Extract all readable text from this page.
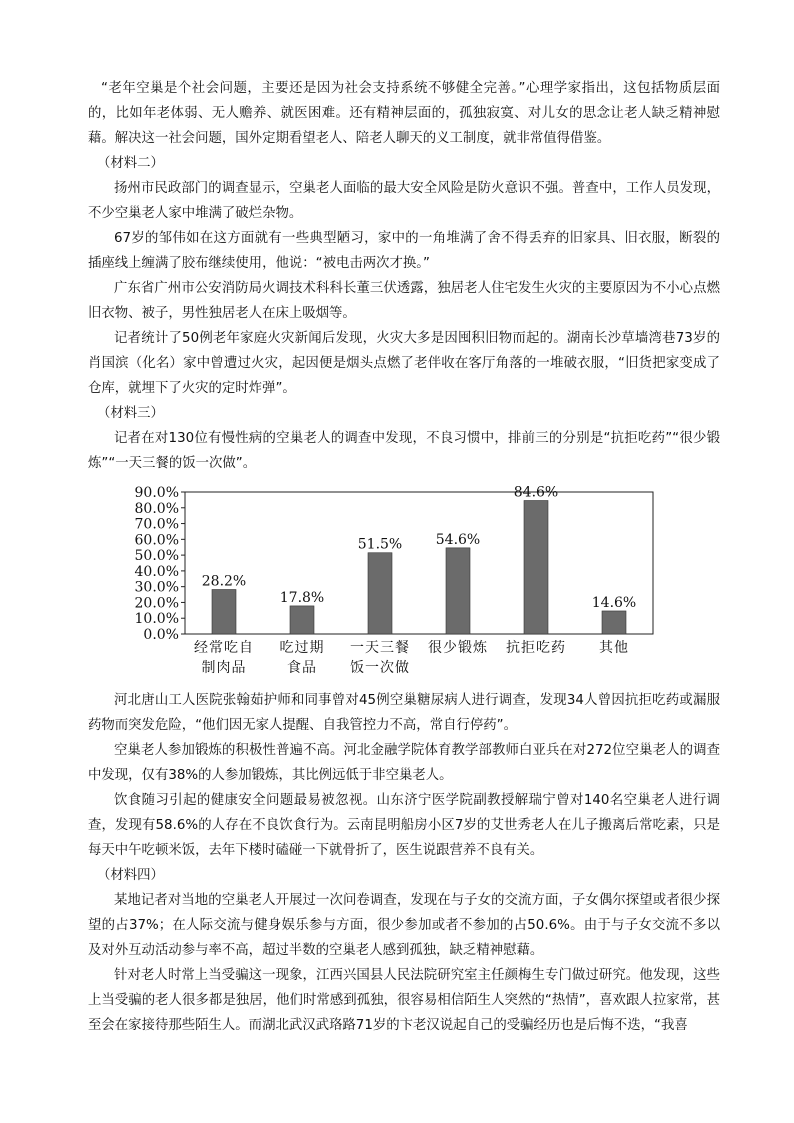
“老年空巢是个社会问题，主要还是因为社会支持系统不够健全完善。”心理学家指出，这包括物质层面的，比如年老体弱、无人赡养、就医困难。还有精神层面的，孤独寂寞、对儿女的思念让老人缺乏精神慰藉。解决这一社会问题，国外定期看望老人、陪老人聊天的义工制度，就非常值得借鉴。

（材料二）

扬州市民政部门的调查显示，空巢老人面临的最大安全风险是防火意识不强。普查中，工作人员发现，不少空巢老人家中堆满了破烂杂物。

67岁的邹伟如在这方面就有一些典型陋习，家中的一角堆满了舍不得丢弃的旧家具、旧衣服，断裂的插座线上缠满了胶布继续使用，他说：“被电击两次才换。”

广东省广州市公安消防局火调技术科科长董三伏透露，独居老人住宅发生火灾的主要原因为不小心点燃旧衣物、被子，男性独居老人在床上吸烟等。

记者统计了50例老年家庭火灾新闻后发现，火灾大多是因囤积旧物而起的。湖南长沙草墙湾巷73岁的肖国滨（化名）家中曾遭过火灾，起因便是烟头点燃了老伴收在客厅角落的一堆破衣服，“旧货把家变成了仓库，就埋下了火灾的定时炸弹”。

（材料三）

记者在对130位有慢性病的空巢老人的调查中发现，不良习惯中，排前三的分别是“抗拒吃药”“很少锻炼”“一天三餐的饭一次做”。

0.0%
10.0%
20.0%
30.0%
40.0%
50.0%
60.0%
70.0%
80.0%
90.0%
28.2%
经常吃自
制肉品
17.8%
吃过期
食品
51.5%
一天三餐
饭一次做
54.6%
很少锻炼
84.6%
抗拒吃药
14.6%
其他

河北唐山工人医院张翰茹护师和同事曾对45例空巢糖尿病人进行调查，发现34人曾因抗拒吃药或漏服药物而突发危险，“他们因无家人提醒、自我管控力不高，常自行停药”。

空巢老人参加锻炼的积极性普遍不高。河北金融学院体育教学部教师白亚兵在对272位空巢老人的调查中发现，仅有38%的人参加锻炼，其比例远低于非空巢老人。

饮食随习引起的健康安全问题最易被忽视。山东济宁医学院副教授解瑞宁曾对140名空巢老人进行调查，发现有58.6%的人存在不良饮食行为。云南昆明船房小区7岁的艾世秀老人在儿子搬离后常吃素，只是每天中午吃顿米饭，去年下楼时磕碰一下就骨折了，医生说跟营养不良有关。

（材料四）

某地记者对当地的空巢老人开展过一次问卷调查，发现在与子女的交流方面，子女偶尔探望或者很少探望的占37%；在人际交流与健身娱乐参与方面，很少参加或者不参加的占50.6%。由于与子女交流不多以及对外互动活动参与率不高，超过半数的空巢老人感到孤独，缺乏精神慰藉。

针对老人时常上当受骗这一现象，江西兴国县人民法院研究室主任颜梅生专门做过研究。他发现，这些上当受骗的老人很多都是独居，他们时常感到孤独，很容易相信陌生人突然的“热情”，喜欢跟人拉家常，甚至会在家接待那些陌生人。而湖北武汉武珞路71岁的卞老汉说起自己的受骗经历也是后悔不迭，“我喜
